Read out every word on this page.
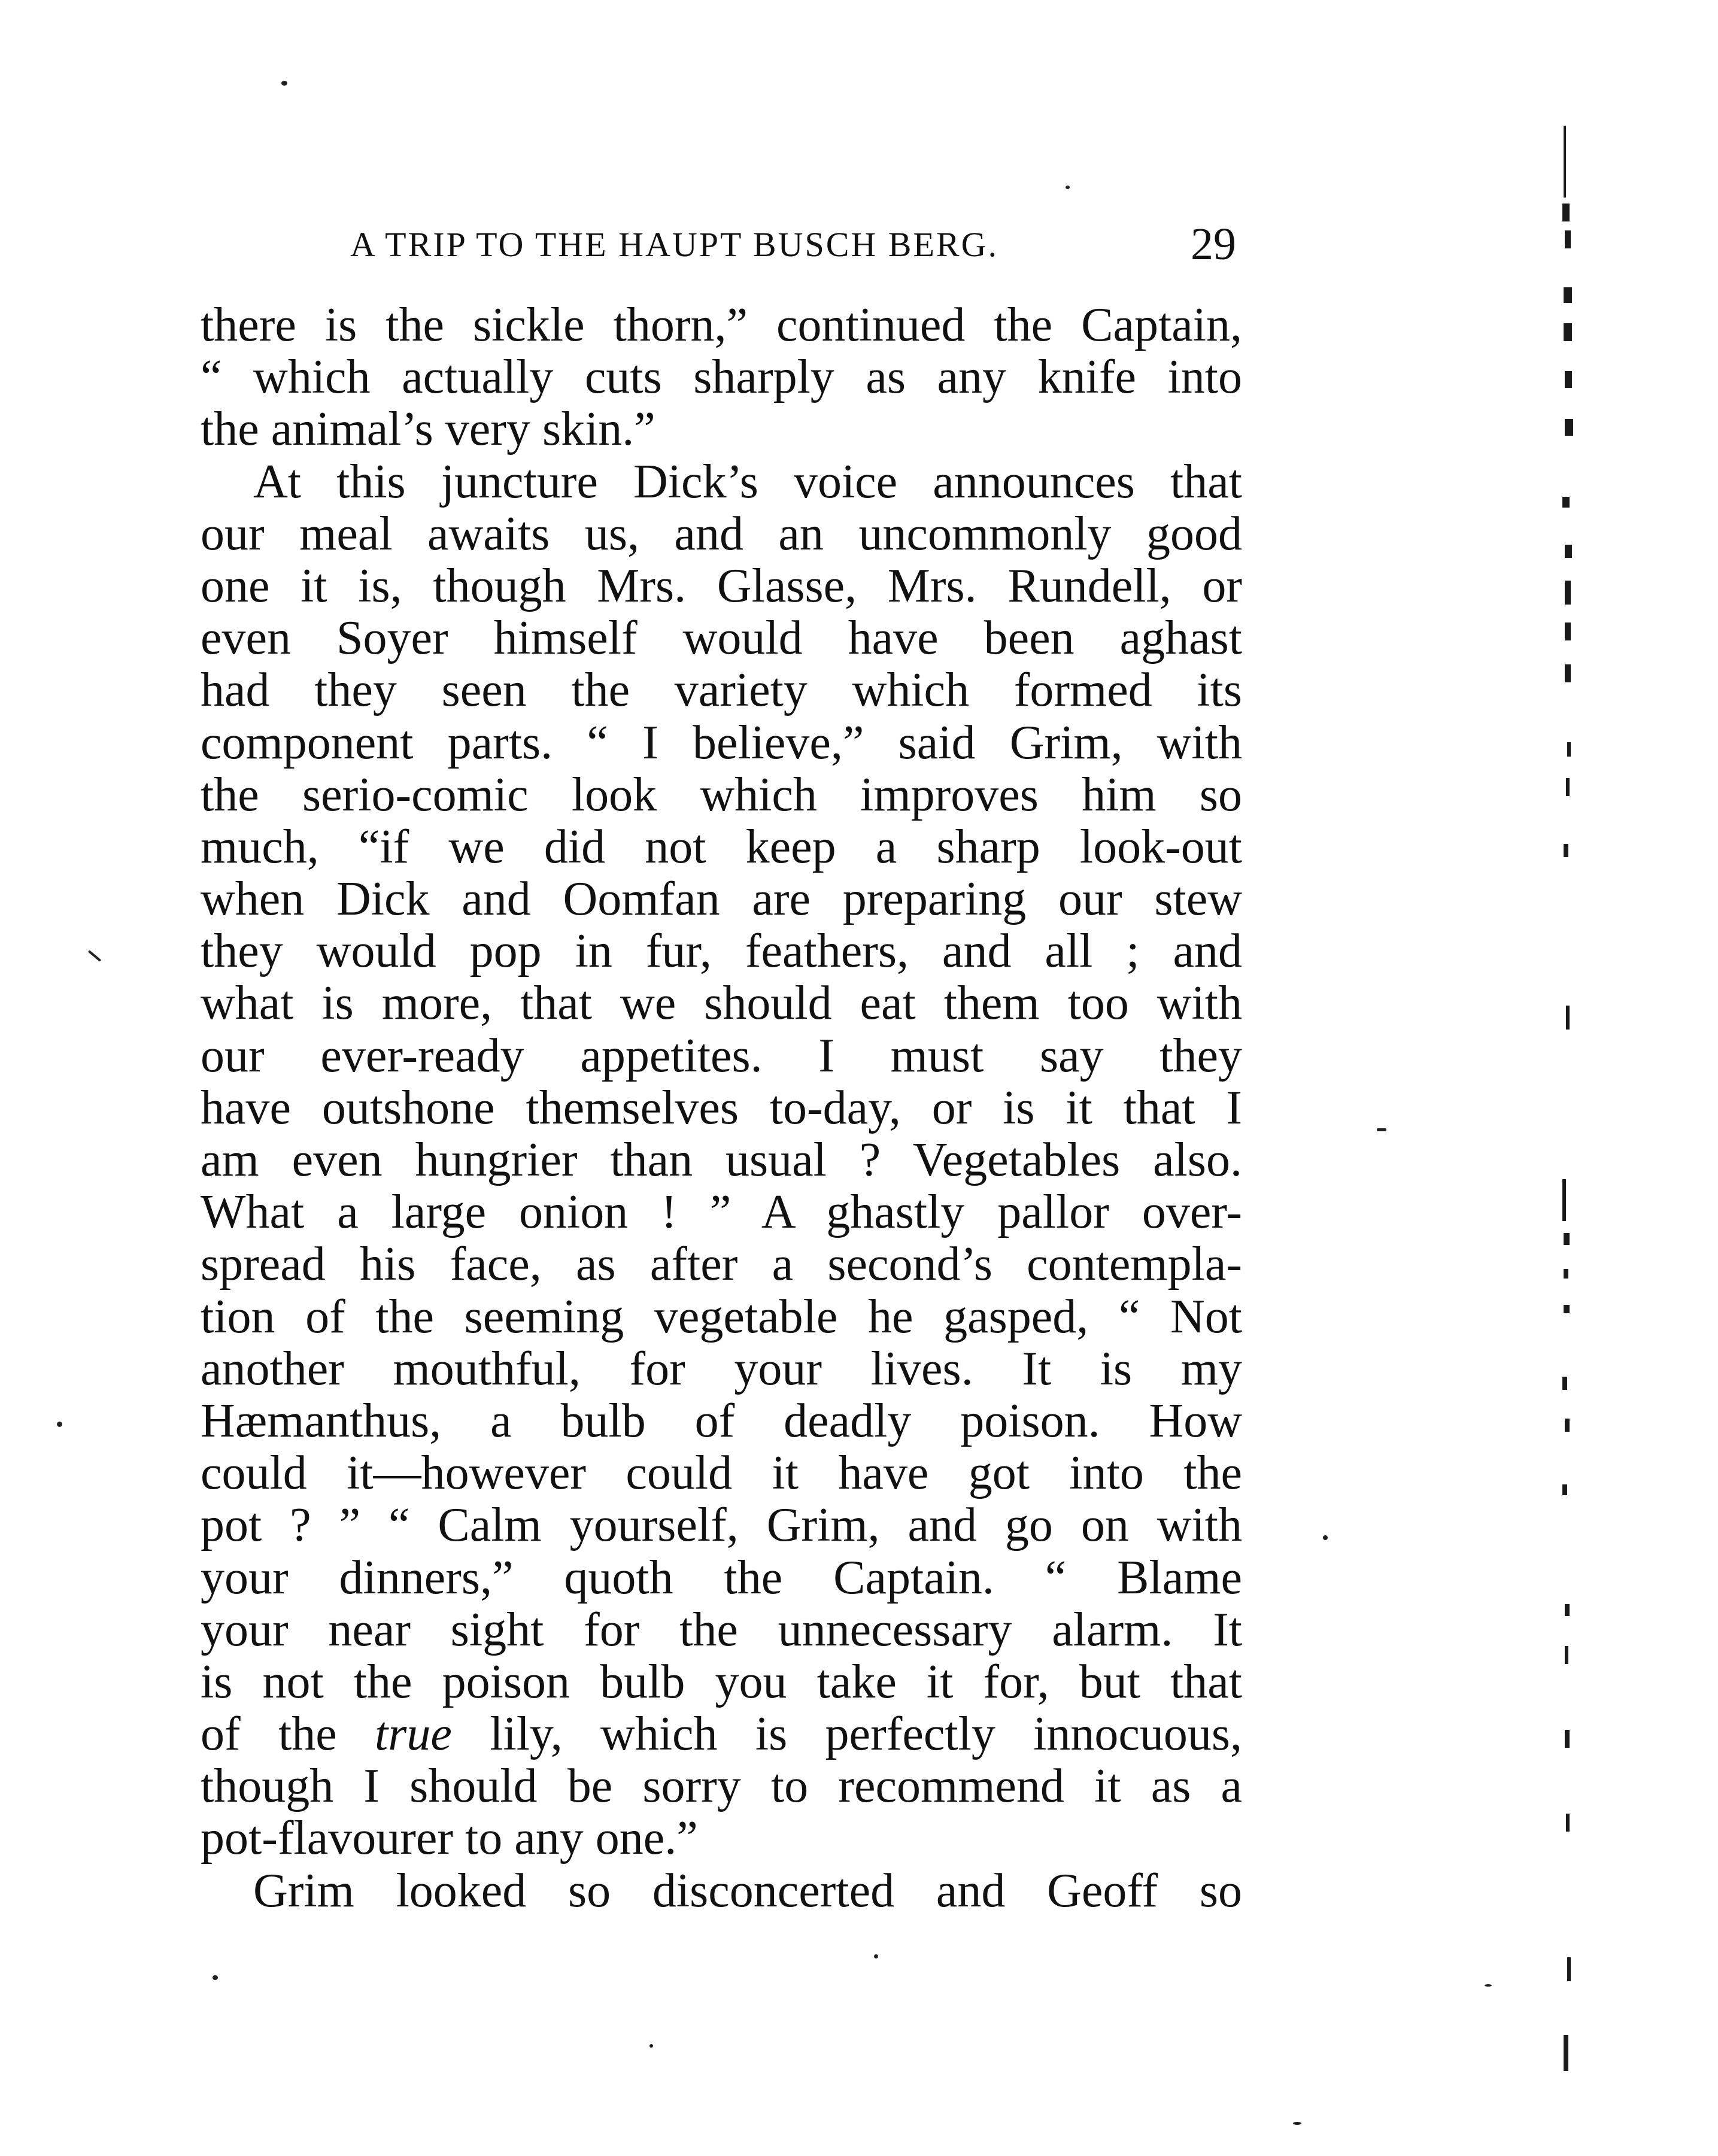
A TRIP TO THE HAUPT BUSCH BERG.	29
there is the sickle thorn,” continued the Captain,
“ which actually cuts sharply as any knife into
the animal’s very skin.”
At this juncture Dick’s voice announces that
our meal awaits us, and an uncommonly good
one it is, though Mrs. Glasse, Mrs. Rundell, or
even Soyer himself would have been aghast
had they seen the variety which formed its
component parts. “ I believe,” said Grim, with
the serio-comic look which improves him so
much, “if we did not keep a sharp look-out
when Dick and Oomfan are preparing our stew
they would pop in fur, feathers, and all ; and
what is more, that we should eat them too with
our ever-ready appetites. I must say they
have outshone themselves to-day, or is it that I
am even hungrier than usual ? Vegetables also.
What a large onion ! ” A ghastly pallor over-
spread his face, as after a second’s contempla-
tion of the seeming vegetable he gasped, “ Not
another mouthful, for your lives. It is my
Hæmanthus, a bulb of deadly poison. How
could it—however could it have got into the
pot ? ” “ Calm yourself, Grim, and go on with
your dinners,” quoth the Captain. “ Blame
your near sight for the unnecessary alarm. It
is not the poison bulb you take it for, but that
of the true lily, which is perfectly innocuous,
though I should be sorry to recommend it as a
pot-flavourer to any one.”
Grim looked so disconcerted and Geoff so
